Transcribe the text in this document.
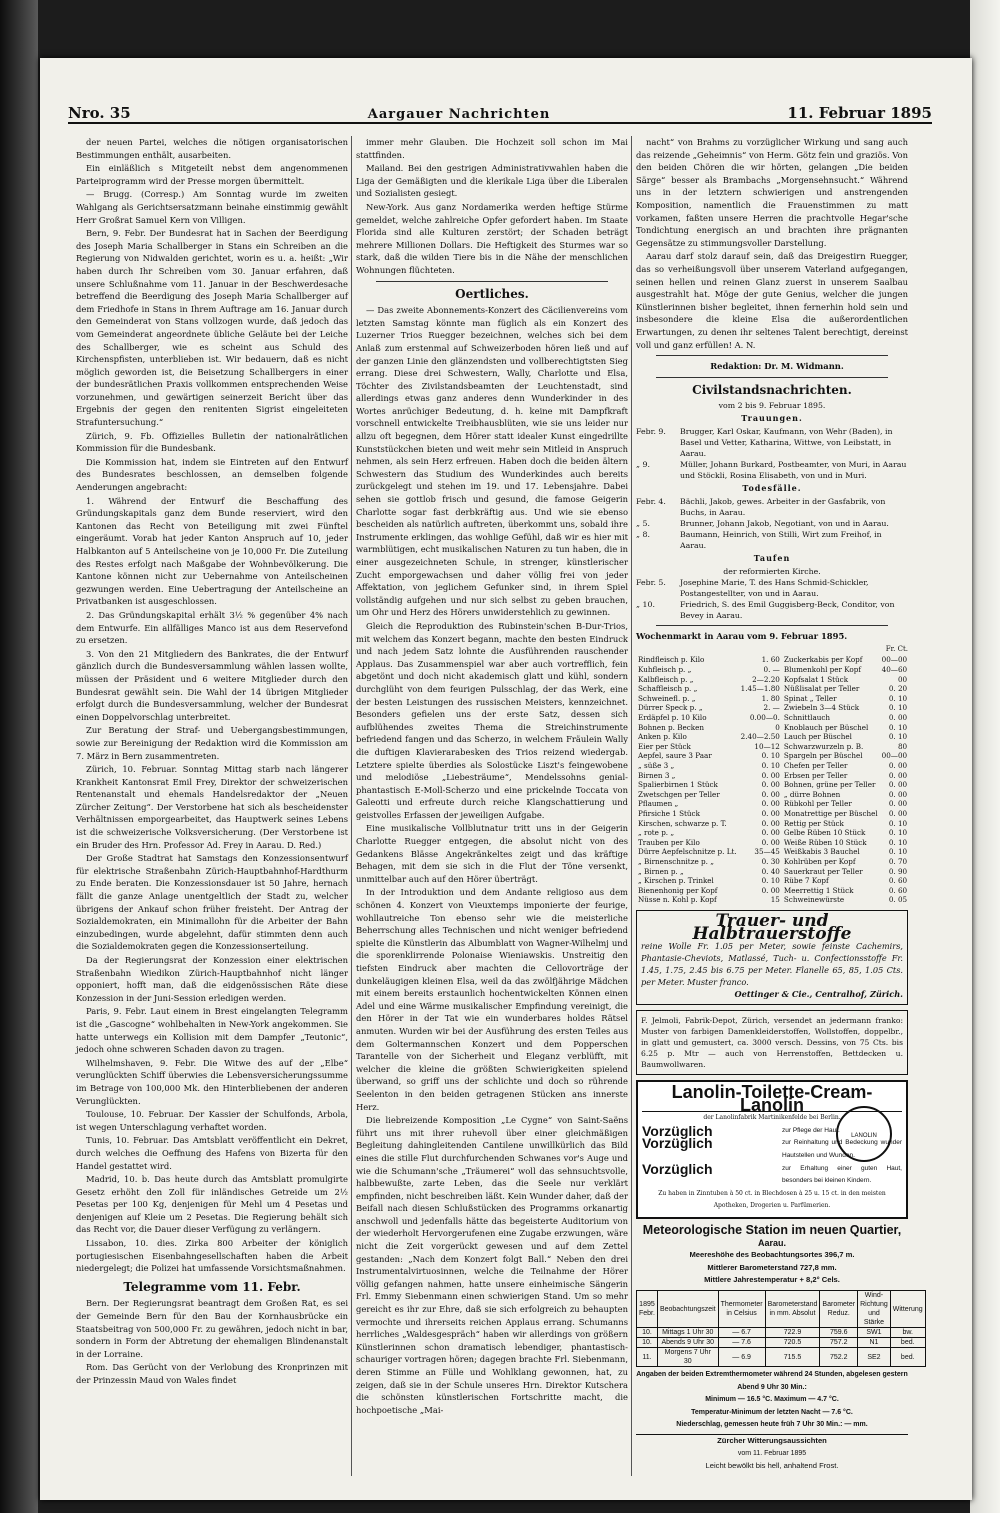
Nro. 35	Aargauer Nachrichten	11. Februar 1895

der neuen Partei, welches die nötigen organisatorischen Bestimmungen enthält, ausarbeiten.

Ein einläßlich s Mitgeteilt nebst dem angenommenen Parteiprogramm wird der Presse morgen übermittelt.

— Brugg. (Corresp.) Am Sonntag wurde im zweiten Wahlgang als Gerichtsersatzmann beinahe einstimmig gewählt Herr Großrat Samuel Kern von Villigen.

Bern, 9. Febr. Der Bundesrat hat in Sachen der Beerdigung des Joseph Maria Schallberger in Stans ein Schreiben an die Regierung von Nidwalden gerichtet, worin es u. a. heißt: „Wir haben durch Ihr Schreiben vom 30. Januar erfahren, daß unsere Schlußnahme vom 11. Januar in der Beschwerdesache betreffend die Beerdigung des Joseph Maria Schallberger auf dem Friedhofe in Stans in Ihrem Auftrage am 16. Januar durch den Gemeinderat von Stans vollzogen wurde, daß jedoch das vom Gemeinderat angeordnete übliche Geläute bei der Leiche des Schallberger, wie es scheint aus Schuld des Kirchenspfisten, unterblieben ist. Wir bedauern, daß es nicht möglich geworden ist, die Beisetzung Schallbergers in einer der bundesrätlichen Praxis vollkommen entsprechenden Weise vorzunehmen, und gewärtigen seinerzeit Bericht über das Ergebnis der gegen den renitenten Sigrist eingeleiteten Strafuntersuchung.“

Zürich, 9. Fb. Offizielles Bulletin der nationalrätlichen Kommission für die Bundesbank.

Die Kommission hat, indem sie Eintreten auf den Entwurf des Bundesrates beschlossen, an demselben folgende Aenderungen angebracht:

1. Während der Entwurf die Beschaffung des Gründungskapitals ganz dem Bunde reserviert, wird den Kantonen das Recht von Beteiligung mit zwei Fünftel eingeräumt. Vorab hat jeder Kanton Anspruch auf 10, jeder Halbkanton auf 5 Anteilscheine von je 10,000 Fr. Die Zuteilung des Restes erfolgt nach Maßgabe der Wohnbevölkerung. Die Kantone können nicht zur Uebernahme von Anteilscheinen gezwungen werden. Eine Uebertragung der Anteilscheine an Privatbanken ist ausgeschlossen.

2. Das Gründungskapital erhält 3½ % gegenüber 4% nach dem Entwurfe. Ein allfälliges Manco ist aus dem Reservefond zu ersetzen.

3. Von den 21 Mitgliedern des Bankrates, die der Entwurf gänzlich durch die Bundesversammlung wählen lassen wollte, müssen der Präsident und 6 weitere Mitglieder durch den Bundesrat gewählt sein. Die Wahl der 14 übrigen Mitglieder erfolgt durch die Bundesversammlung, welcher der Bundesrat einen Doppelvorschlag unterbreitet.

Zur Beratung der Straf- und Uebergangsbestimmungen, sowie zur Bereinigung der Redaktion wird die Kommission am 7. März in Bern zusammentreten.

Zürich, 10. Februar. Sonntag Mittag starb nach längerer Krankheit Kantonsrat Emil Frey, Direktor der schweizerischen Rentenanstalt und ehemals Handelsredaktor der „Neuen Zürcher Zeitung“. Der Verstorbene hat sich als bescheidenster Verhältnissen emporgearbeitet, das Hauptwerk seines Lebens ist die schweizerische Volksversicherung. (Der Verstorbene ist ein Bruder des Hrn. Professor Ad. Frey in Aarau. D. Red.)

Der Große Stadtrat hat Samstags den Konzessionsentwurf für elektrische Straßenbahn Zürich-Hauptbahnhof-Hardthurm zu Ende beraten. Die Konzessionsdauer ist 50 Jahre, hernach fällt die ganze Anlage unentgeltlich der Stadt zu, welcher übrigens der Ankauf schon früher freisteht. Der Antrag der Sozialdemokraten, ein Minimallohn für die Arbeiter der Bahn einzubedingen, wurde abgelehnt, dafür stimmten denn auch die Sozialdemokraten gegen die Konzessionserteilung.

Da der Regierungsrat der Konzession einer elektrischen Straßenbahn Wiedikon Zürich-Hauptbahnhof nicht länger opponiert, hofft man, daß die eidgenössischen Räte diese Konzession in der Juni-Session erledigen werden.

Paris, 9. Febr. Laut einem in Brest eingelangten Telegramm ist die „Gascogne“ wohlbehalten in New-York angekommen. Sie hatte unterwegs ein Kollision mit dem Dampfer „Teutonic“, jedoch ohne schweren Schaden davon zu tragen.

Wilhelmshaven, 9. Febr. Die Witwe des auf der „Elbe“ verunglückten Schiff überwies die Lebensversicherungssumme im Betrage von 100,000 Mk. den Hinterbliebenen der anderen Verunglückten.

Toulouse, 10. Februar. Der Kassier der Schulfonds, Arbola, ist wegen Unterschlagung verhaftet worden.

Tunis, 10. Februar. Das Amtsblatt veröffentlicht ein Dekret, durch welches die Oeffnung des Hafens von Bizerta für den Handel gestattet wird.

Madrid, 10. b. Das heute durch das Amtsblatt promulgirte Gesetz erhöht den Zoll für inländisches Getreide um 2½ Pesetas per 100 Kg, denjenigen für Mehl um 4 Pesetas und denjenigen auf Kleie um 2 Pesetas. Die Regierung behält sich das Recht vor, die Dauer dieser Verfügung zu verlängern.

Lissabon, 10. dies. Zirka 800 Arbeiter der königlich portugiesischen Eisenbahngesellschaften haben die Arbeit niedergelegt; die Polizei hat umfassende Vorsichtsmaßnahmen.

Telegramme vom 11. Febr.

Bern. Der Regierungsrat beantragt dem Großen Rat, es sei der Gemeinde Bern für den Bau der Kornhausbrücke ein Staatsbeitrag von 500,000 Fr. zu gewähren, jedoch nicht in bar, sondern in Form der Abtretung der ehemaligen Blindenanstalt in der Lorraine.

Rom. Das Gerücht von der Verlobung des Kronprinzen mit der Prinzessin Maud von Wales findet

immer mehr Glauben. Die Hochzeit soll schon im Mai stattfinden.

Mailand. Bei den gestrigen Administrativwahlen haben die Liga der Gemäßigten und die klerikale Liga über die Liberalen und Sozialisten gesiegt.

New-York. Aus ganz Nordamerika werden heftige Stürme gemeldet, welche zahlreiche Opfer gefordert haben. Im Staate Florida sind alle Kulturen zerstört; der Schaden beträgt mehrere Millionen Dollars. Die Heftigkeit des Sturmes war so stark, daß die wilden Tiere bis in die Nähe der menschlichen Wohnungen flüchteten.

Oertliches.

— Das zweite Abonnements-Konzert des Cäcilienvereins vom letzten Samstag könnte man füglich als ein Konzert des Luzerner Trios Ruegger bezeichnen, welches sich bei dem Anlaß zum erstenmal auf Schweizerboden hören ließ und auf der ganzen Linie den glänzendsten und vollberechtigtsten Sieg errang. Diese drei Schwestern, Wally, Charlotte und Elsa, Töchter des Zivilstandsbeamten der Leuchtenstadt, sind allerdings etwas ganz anderes denn Wunderkinder in des Wortes anrüchiger Bedeutung, d. h. keine mit Dampfkraft vorschnell entwickelte Treibhausblüten, wie sie uns leider nur allzu oft begegnen, dem Hörer statt idealer Kunst eingedrillte Kunststückchen bieten und weit mehr sein Mitleid in Anspruch nehmen, als sein Herz erfreuen. Haben doch die beiden ältern Schwestern das Studium des Wunderkindes auch bereits zurückgelegt und stehen im 19. und 17. Lebensjahre. Dabei sehen sie gottlob frisch und gesund, die famose Geigerin Charlotte sogar fast derbkräftig aus. Und wie sie ebenso bescheiden als natürlich auftreten, überkommt uns, sobald ihre Instrumente erklingen, das wohlige Gefühl, daß wir es hier mit warmblütigen, echt musikalischen Naturen zu tun haben, die in einer ausgezeichneten Schule, in strenger, künstlerischer Zucht emporgewachsen und daher völlig frei von jeder Affektation, von jeglichem Gefunker sind, in ihrem Spiel vollständig aufgehen und nur sich selbst zu geben brauchen, um Ohr und Herz des Hörers unwiderstehlich zu gewinnen.

Gleich die Reproduktion des Rubinstein'schen B-Dur-Trios, mit welchem das Konzert begann, machte den besten Eindruck und nach jedem Satz lohnte die Ausführenden rauschender Applaus. Das Zusammenspiel war aber auch vortrefflich, fein abgetönt und doch nicht akademisch glatt und kühl, sondern durchglüht von dem feurigen Pulsschlag, der das Werk, eine der besten Leistungen des russischen Meisters, kennzeichnet. Besonders gefielen uns der erste Satz, dessen sich aufblühendes zweites Thema die Streichinstrumente befriedend fangen und das Scherzo, in welchem Fräulein Wally die duftigen Klavierarabesken des Trios reizend wiedergab. Letztere spielte überdies als Solostücke Liszt's feingewobene und melodiöse „Liebesträume“, Mendelssohns genial-phantastisch E-Moll-Scherzo und eine prickelnde Toccata von Galeotti und erfreute durch reiche Klangschattierung und geistvolles Erfassen der jeweiligen Aufgabe.

Eine musikalische Vollblutnatur tritt uns in der Geigerin Charlotte Ruegger entgegen, die absolut nicht von des Gedankens Blässe Angekränkeltes zeigt und das kräftige Behagen, mit dem sie sich in die Flut der Töne versenkt, unmittelbar auch auf den Hörer überträgt.

In der Introduktion und dem Andante religioso aus dem schönen 4. Konzert von Vieuxtemps imponierte der feurige, wohllautreiche Ton ebenso sehr wie die meisterliche Beherrschung alles Technischen und nicht weniger befriedend spielte die Künstlerin das Albumblatt von Wagner-Wilhelmj und die sporenklirrende Polonaise Wieniawskis. Unstreitig den tiefsten Eindruck aber machten die Cellovorträge der dunkeläugigen kleinen Elsa, weil da das zwölfjährige Mädchen mit einem bereits erstaunlich hochentwickelten Können einen Adel und eine Wärme musikalischer Empfindung vereinigt, die den Hörer in der Tat wie ein wunderbares holdes Rätsel anmuten. Wurden wir bei der Ausführung des ersten Teiles aus dem Goltermannschen Konzert und dem Popperschen Tarantelle von der Sicherheit und Eleganz verblüfft, mit welcher die kleine die größten Schwierigkeiten spielend überwand, so griff uns der schlichte und doch so rührende Seelenton in den beiden getragenen Stücken ans innerste Herz.

Die liebreizende Komposition „Le Cygne“ von Saint-Saëns führt uns mit ihrer ruhevoll über einer gleichmäßigen Begleitung dahingleitenden Cantilene unwillkürlich das Bild eines die stille Flut durchfurchenden Schwanes vor's Auge und wie die Schumann'sche „Träumerei“ woll das sehnsuchtsvolle, halbbewußte, zarte Leben, das die Seele nur verklärt empfinden, nicht beschreiben läßt. Kein Wunder daher, daß der Beifall nach diesen Schlußstücken des Programms orkanartig anschwoll und jedenfalls hätte das begeisterte Auditorium von der wiederholt Hervorgerufenen eine Zugabe erzwungen, wäre nicht die Zeit vorgerückt gewesen und auf dem Zettel gestanden: „Nach dem Konzert folgt Ball.“ Neben den drei Instrumentalvirtuosinnen, welche die Teilnahme der Hörer völlig gefangen nahmen, hatte unsere einheimische Sängerin Frl. Emmy Siebenmann einen schwierigen Stand. Um so mehr gereicht es ihr zur Ehre, daß sie sich erfolgreich zu behaupten vermochte und ihrerseits reichen Applaus errang. Schumanns herrliches „Waldesgespräch“ haben wir allerdings von größern Künstlerinnen schon dramatisch lebendiger, phantastisch-schauriger vortragen hören; dagegen brachte Frl. Siebenmann, deren Stimme an Fülle und Wohlklang gewonnen, hat, zu zeigen, daß sie in der Schule unseres Hrn. Direktor Kutschera die schönsten künstlerischen Fortschritte macht, die hochpoetische „Mai-

nacht“ von Brahms zu vorzüglicher Wirkung und sang auch das reizende „Geheimnis“ von Herm. Götz fein und graziös. Von den beiden Chören die wir hörten, gelangen „Die beiden Särge“ besser als Brambachs „Morgensehnsucht.“ Während uns in der letztern schwierigen und anstrengenden Komposition, namentlich die Frauenstimmen zu matt vorkamen, faßten unsere Herren die prachtvolle Hegar'sche Tondichtung energisch an und brachten ihre prägnanten Gegensätze zu stimmungsvoller Darstellung.

Aarau darf stolz darauf sein, daß das Dreigestirn Ruegger, das so verheißungsvoll über unserem Vaterland aufgegangen, seinen hellen und reinen Glanz zuerst in unserem Saalbau ausgestrahlt hat. Möge der gute Genius, welcher die jungen Künstlerinnen bisher begleitet, ihnen fernerhin hold sein und insbesondere die kleine Elsa die außerordentlichen Erwartungen, zu denen ihr seltenes Talent berechtigt, dereinst voll und ganz erfüllen! A. N.

Redaktion: Dr. M. Widmann.

Civilstandsnachrichten.
vom 2 bis 9. Februar 1895.
Trauungen.
Febr. 9.	Brugger, Karl Oskar, Kaufmann, von Wehr (Baden), in Basel und Vetter, Katharina, Wittwe, von Leibstatt, in Aarau.
„ 9.	Müller, Johann Burkard, Postbeamter, von Muri, in Aarau und Stöckli, Rosina Elisabeth, von und in Muri.
Todesfälle.
Febr. 4.	Bächli, Jakob, gewes. Arbeiter in der Gasfabrik, von Buchs, in Aarau.
„ 5.	Brunner, Johann Jakob, Negotiant, von und in Aarau.
„ 8.	Baumann, Heinrich, von Stilli, Wirt zum Freihof, in Aarau.
Taufen
der reformierten Kirche.
Febr. 5.	Josephine Marie, T. des Hans Schmid-Schickler, Postangestellter, von und in Aarau.
„ 10.	Friedrich, S. des Emil Guggisberg-Beck, Conditor, von Bevey in Aarau.
Wochenmarkt in Aarau vom 9. Februar 1895.
Fr. Ct.
Rindfleisch p. Kilo	1. 60	Zuckerkabis per Kopf	00—00
Kuhfleisch p. „	0. —	Blumenkohl per Kopf	40—60
Kalbfleisch p. „	2—2.20	Kopfsalat 1 Stück	00
Schaffleisch p. „	1.45—1.80	Nüßlisalat per Teller	0. 20
Schweinefl. p. „	1. 80	Spinat „ Teller	0. 10
Dürrer Speck p. „	2. —	Zwiebeln 3—4 Stück	0. 10
Erdäpfel p. 10 Kilo	0.00—0.	Schnittlauch	0. 00
Bohnen p. Becken	0	Knoblauch per Büschel	0. 10
Anken p. Kilo	2.40—2.50	Lauch per Büschel	0. 10
Eier per Stück	10—12	Schwarzwurzeln p. B.	80
Aepfel, saure 3 Paar	0. 10	Spargeln per Büschel	00—00
„ süße 3 „	0. 10	Chefen per Teller	0. 00
Birnen 3 „	0. 00	Erbsen per Teller	0. 00
Spalierbirnen 1 Stück	0. 00	Bohnen, grüne per Teller	0. 00
Zwetschgen per Teller	0. 00	„ dürre Bohnen	0. 00
Pflaumen „	0. 00	Rübkohl per Teller	0. 00
Pfirsiche 1 Stück	0. 00	Monatrettige per Büschel	0. 00
Kirschen, schwarze p. T.	0. 00	Rettig per Stück	0. 10
„ rote p. „	0. 00	Gelbe Rüben 10 Stück	0. 10
Trauben per Kilo	0. 00	Weiße Rüben 10 Stück	0. 10
Dürre Aepfelschnitze p. Lt.	35—45	Weißkabis 3 Bauchel	0. 10
„ Birnenschnitze p. „	0. 30	Kohlrüben per Kopf	0. 70
„ Birnen p. „	0. 40	Sauerkraut per Teller	0. 90
„ Kirschen p. Trinkel	0. 10	Rübe 7 Kopf	0. 60
Bienenhonig per Kopf	0. 00	Meerrettig 1 Stück	0. 60
Nüsse n. Kohl p. Kopf	15	Schweinewürste	0. 05
Trauer- und Halbtrauerstoffe
reine Wolle Fr. 1.05 per Meter, sowie feinste Cachemirs, Phantasie-Cheviots, Matlassé, Tuch- u. Confectionsstoffe Fr. 1.45, 1.75, 2.45 bis 6.75 per Meter. Flanelle 65, 85, 1.05 Cts. per Meter. Muster franco.
Oettinger & Cie., Centralhof, Zürich.
F. Jelmoli, Fabrik-Depot, Zürich, versendet an jedermann franko: Muster von farbigen Damenkleiderstoffen, Wollstoffen, doppelbr., in glatt und gemustert, ca. 3000 versch. Dessins, von 75 Cts. bis 6.25 p. Mtr — auch von Herrenstoffen, Bettdecken u. Baumwollwaren.
Lanolin-Toilette-Cream-Lanolin
der Lanolinfabrik Martinikenfelde bei Berlin.
Vorzüglich	zur Pflege der Haut.
Vorzüglich	zur Reinhaltung und Bedeckung wunder Hautstellen und Wunden.
Vorzüglich	zur Erhaltung einer guten Haut, besonders bei kleinen Kindern.
Zu haben in Zinntuben à 50 ct. in Blechdosen à 25 u. 15 ct. in den meisten Apotheken, Drogerien u. Parfümerien.
LANOLIN
Meteorologische Station im neuen Quartier,
Aarau.
Meereshöhe des Beobachtungsortes 396,7 m.
Mittlerer Barometerstand 727,8 mm.
Mittlere Jahrestemperatur + 8,2° Cels.
1895 Febr.	Beobachtungszeit	Thermometer in Celsius	Barometerstand in mm. Absolut	Barometer Reduz.	Wind-Richtung und Stärke	Witterung
10.	Mittags 1 Uhr 30	— 6.7	722.9	759.6	SW1	bw.
10.	Abends 9 Uhr 30	— 7.6	720.5	757.2	N1	bed.
11.	Morgens 7 Uhr 30	— 6.9	715.5	752.2	SE2	bed.
Angaben der beiden Extremthermometer während 24 Stunden, abgelesen gestern Abend 9 Uhr 30 Min.:
Minimum — 16.5 °C. Maximum — 4.7 °C.
Temperatur-Minimum der letzten Nacht — 7.6 °C.
Niederschlag, gemessen heute früh 7 Uhr 30 Min.: — mm.
Zürcher Witterungsaussichten
vom 11. Februar 1895
Leicht bewölkt bis hell, anhaltend Frost.
